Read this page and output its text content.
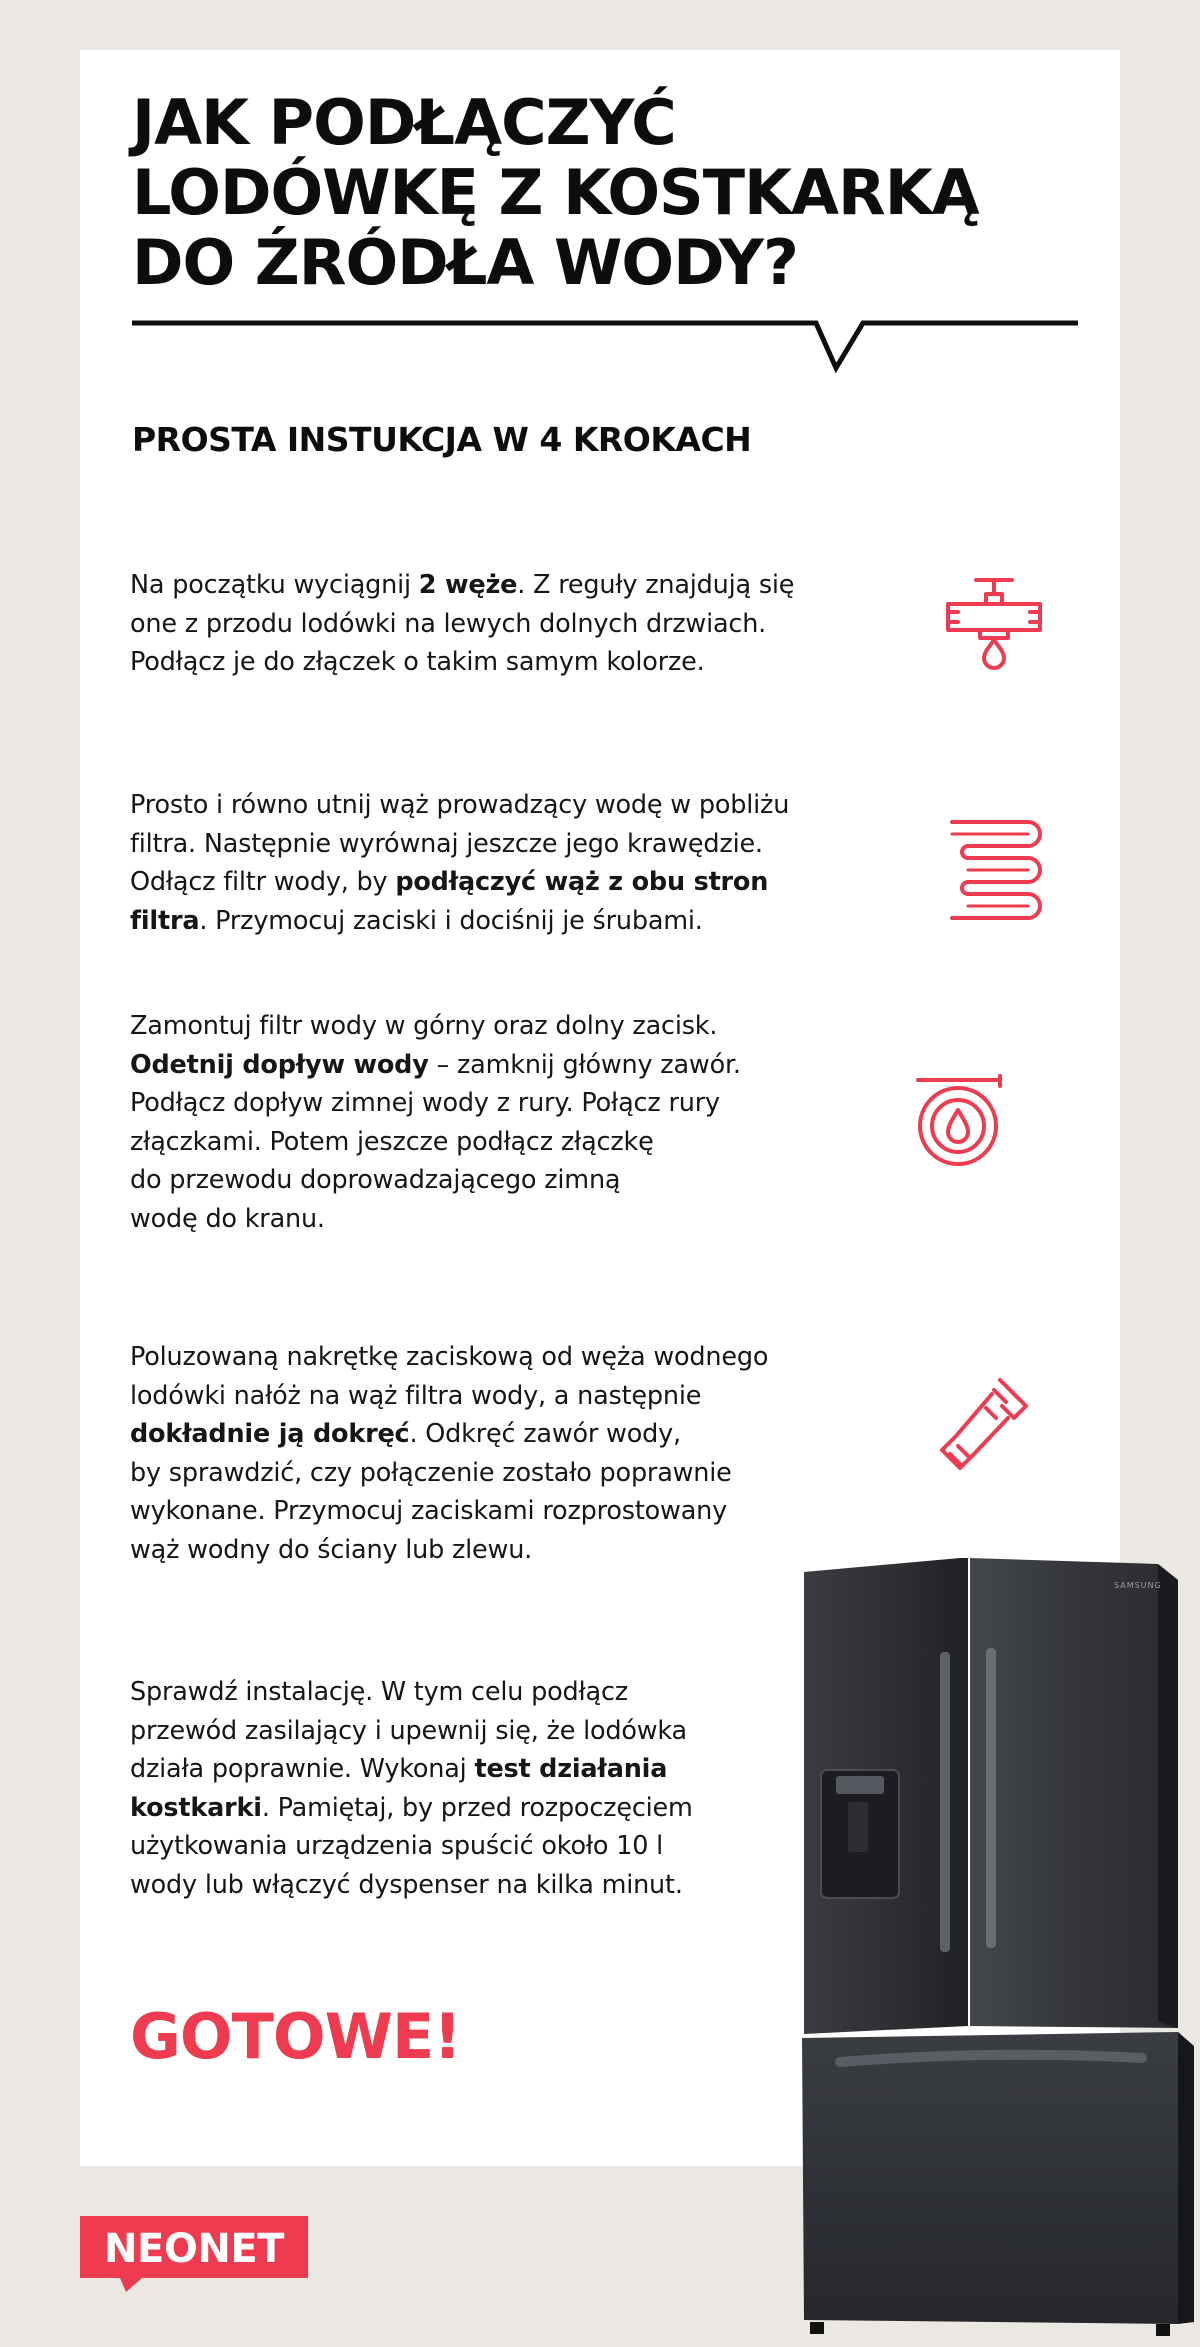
JAK PODŁĄCZYĆ
LODÓWKĘ Z KOSTKARKĄ
DO ŹRÓDŁA WODY?
PROSTA INSTUKCJA W 4 KROKACH

Na początku wyciągnij 2 węże. Z reguły znajdują się
one z przodu lodówki na lewych dolnych drzwiach.
Podłącz je do złączek o takim samym kolorze.

Prosto i równo utnij wąż prowadzący wodę w pobliżu
filtra. Następnie wyrównaj jeszcze jego krawędzie.
Odłącz filtr wody, by podłączyć wąż z obu stron
filtra. Przymocuj zaciski i dociśnij je śrubami.

Zamontuj filtr wody w górny oraz dolny zacisk.
Odetnij dopływ wody – zamknij główny zawór.
Podłącz dopływ zimnej wody z rury. Połącz rury
złączkami. Potem jeszcze podłącz złączkę
do przewodu doprowadzającego zimną
wodę do kranu.

Poluzowaną nakrętkę zaciskową od węża wodnego
lodówki nałóż na wąż filtra wody, a następnie
dokładnie ją dokręć. Odkręć zawór wody,
by sprawdzić, czy połączenie zostało poprawnie
wykonane. Przymocuj zaciskami rozprostowany
wąż wodny do ściany lub zlewu.

Sprawdź instalację. W tym celu podłącz
przewód zasilający i upewnij się, że lodówka
działa poprawnie. Wykonaj test działania
kostkarki. Pamiętaj, by przed rozpoczęciem
użytkowania urządzenia spuścić około 10 l
wody lub włączyć dyspenser na kilka minut.

GOTOWE!

SAMSUNG
NEONET
